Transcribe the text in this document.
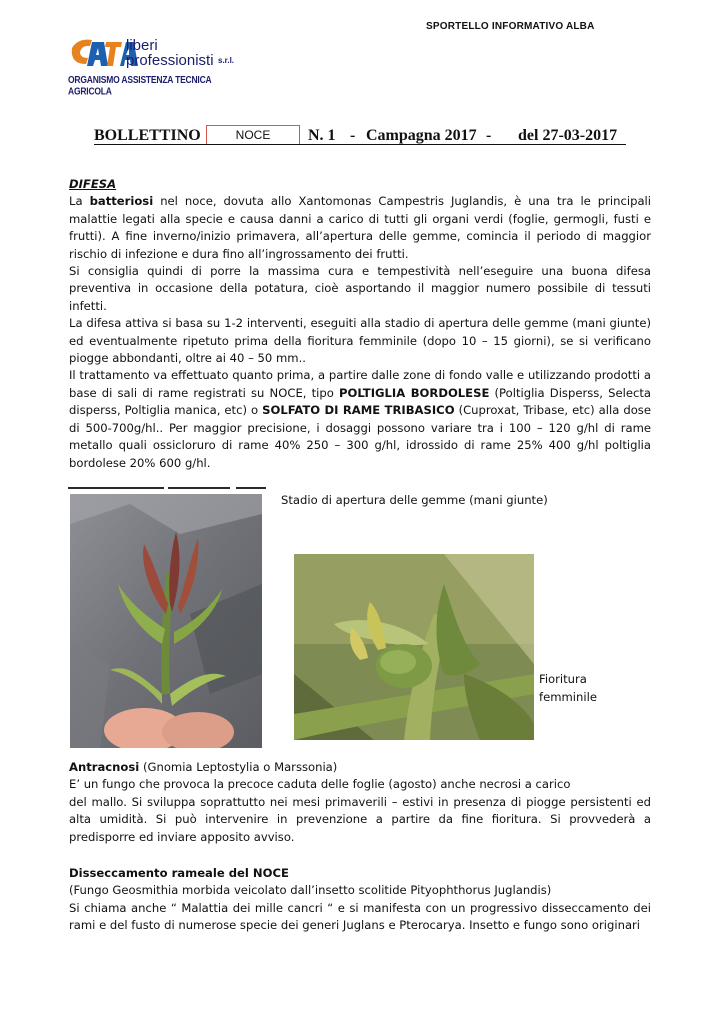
SPORTELLO INFORMATIVO ALBA
liberi
professionisti s.r.l.
ORGANISMO ASSISTENZA TECNICA AGRICOLA
BOLLETTINO	NOCE	N. 1 - Campagna 2017 - del 27-03-2017

DIFESA

La batteriosi nel noce, dovuta allo Xantomonas Campestris Juglandis, è una tra le principali malattie legati alla specie e causa danni a carico di tutti gli organi verdi (foglie, germogli, fusti e frutti). A fine inverno/inizio primavera, all’apertura delle gemme, comincia il periodo di maggior rischio di infezione e dura fino all’ingrossamento dei frutti.

Si consiglia quindi di porre la massima cura e tempestività nell’eseguire una buona difesa preventiva in occasione della potatura, cioè asportando il maggior numero possibile di tessuti infetti.

La difesa attiva si basa su 1-2 interventi, eseguiti alla stadio di apertura delle gemme (mani giunte) ed eventualmente ripetuto prima della fioritura femminile (dopo 10 – 15 giorni), se si verificano piogge abbondanti, oltre ai 40 – 50 mm..

Il trattamento va effettuato quanto prima, a partire dalle zone di fondo valle e utilizzando prodotti a base di sali di rame registrati su NOCE, tipo POLTIGLIA BORDOLESE (Poltiglia Disperss, Selecta disperss, Poltiglia manica, etc) o SOLFATO DI RAME TRIBASICO (Cuproxat, Tribase, etc) alla dose di 500-700g/hl.. Per maggior precisione, i dosaggi possono variare tra i 100 – 120 g/hl di rame metallo quali ossicloruro di rame 40% 250 – 300 g/hl, idrossido di rame 25% 400 g/hl poltiglia bordolese 20% 600 g/hl.

Stadio di apertura delle gemme (mani giunte)
Fioritura
femminile

Antracnosi (Gnomia Leptostylia o Marssonia)

E’ un fungo che provoca la precoce caduta delle foglie (agosto) anche necrosi a carico

del mallo. Si sviluppa soprattutto nei mesi primaverili – estivi in presenza di piogge persistenti ed alta umidità. Si può intervenire in prevenzione a partire da fine fioritura. Si provvederà a predisporre ed inviare apposito avviso.

Disseccamento rameale del NOCE

(Fungo Geosmithia morbida veicolato dall’insetto scolitide Pityophthorus Juglandis)

Si chiama anche “ Malattia dei mille cancri “ e si manifesta con un progressivo disseccamento dei rami e del fusto di numerose specie dei generi Juglans e Pterocarya. Insetto e fungo sono originari
